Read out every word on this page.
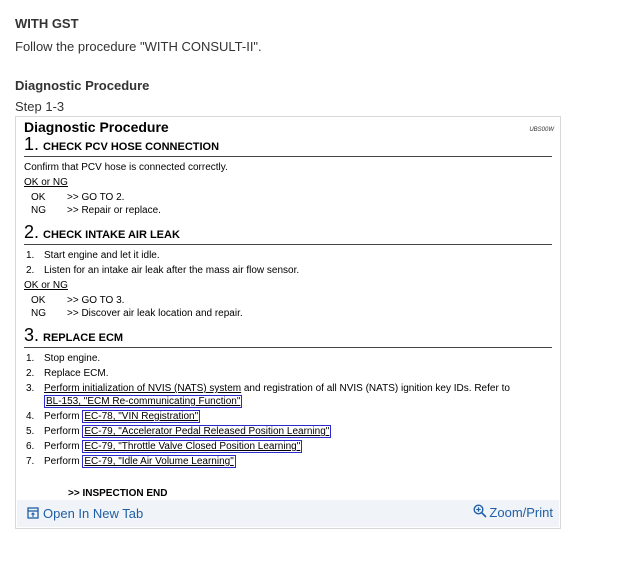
WITH GST
Follow the procedure "WITH CONSULT-II".
Diagnostic Procedure
Step 1-3
Diagnostic Procedure	UBS00W
1. CHECK PCV HOSE CONNECTION
Confirm that PCV hose is connected correctly.
OK or NG
OK >> GO TO 2.
NG >> Repair or replace.
2. CHECK INTAKE AIR LEAK
1. Start engine and let it idle.
2. Listen for an intake air leak after the mass air flow sensor.
OK or NG
OK >> GO TO 3.
NG >> Discover air leak location and repair.
3. REPLACE ECM
1. Stop engine.
2. Replace ECM.
3. Perform initialization of NVIS (NATS) system and registration of all NVIS (NATS) ignition key IDs. Refer to
BL-153, "ECM Re-communicating Function"
4. Perform EC-78, "VIN Registration"
5. Perform EC-79, "Accelerator Pedal Released Position Learning"
6. Perform EC-79, "Throttle Valve Closed Position Learning"
7. Perform EC-79, "Idle Air Volume Learning"
>> INSPECTION END
Open In New Tab	Zoom/Print
